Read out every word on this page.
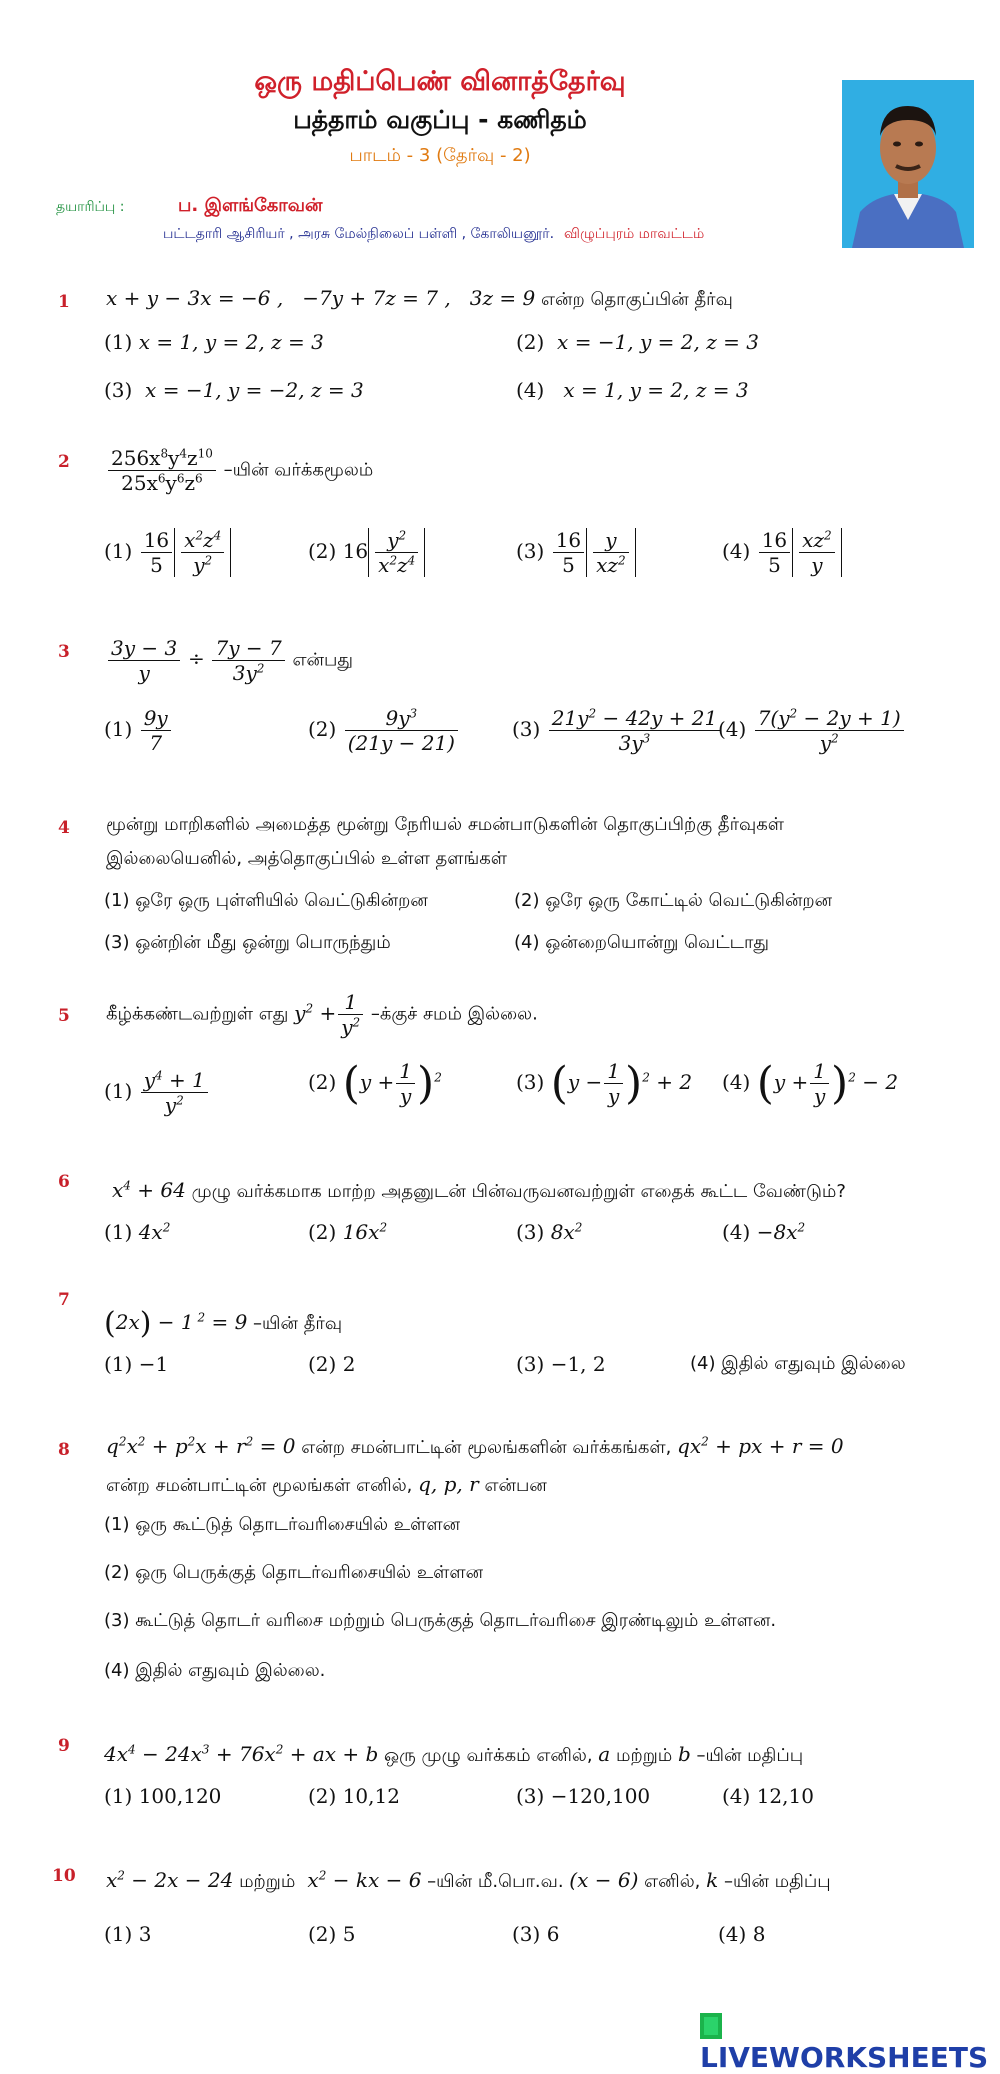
ஒரு மதிப்பெண் வினாத்தேர்வு
பத்தாம் வகுப்பு - கணிதம்
பாடம் - 3 (தேர்வு - 2)
தயாரிப்பு :	ப. இளங்கோவன்
பட்டதாரி ஆசிரியர் , அரசு மேல்நிலைப் பள்ளி , கோலியனூர். விழுப்புரம் மாவட்டம்
1 x + y − 3x = −6 ,   −7y + 7z = 7 ,   3z = 9 என்ற தொகுப்பின் தீர்வு
(1) x = 1, y = 2, z = 3	(2)  x = −1, y = 2, z = 3
(3)  x = −1, y = −2, z = 3	(4)   x = 1, y = 2, z = 3
$2 \frac{256x^8y^4z^{10}}{25x^6y^6z^6}$ –யின் வர்க்கமூலம்
$(1) \frac{16}{5} \frac{x^2z^4}{y^2}$	(2) $16 \frac{y^2}{x^2z^4}$	$(3) \frac{16}{5} \frac{y}{xz^2}$	$(4) \frac{16}{5} \frac{xz^2}{y}$
$3 \frac{3y - 3}{y} \div \frac{7y - 7}{3y^2}$ என்பது
$(1) \frac{9y}{7}$	$(2) \frac{9y^3}{(21y - 21)}$	$(3) \frac{21y^2 - 42y + 21}{3y^3}$
$(4) \frac{7(y^2 - 2y + 1)}{y^2}$
4 மூன்று மாறிகளில் அமைத்த மூன்று நேரியல் சமன்பாடுகளின் தொகுப்பிற்கு தீர்வுகள்
இல்லையெனில், அத்தொகுப்பில் உள்ள தளங்கள்
(1) ஒரே ஒரு புள்ளியில் வெட்டுகின்றன	(2) ஒரே ஒரு கோட்டில் வெட்டுகின்றன
(3) ஒன்றின் மீது ஒன்று பொருந்தும்	(4) ஒன்றையொன்று வெட்டாது
5 கீழ்க்கண்டவற்றுள் எது $y^2 + \frac{1}{y^2}$ –க்குச் சமம் இல்லை.
$(1) \frac{y^4 + 1}{y^2}$	(2) $(y + \frac{1}{y} )^2$	(3) $(y - \frac{1}{y} )^2 + 2$ (4) $(y + \frac{1}{y} )^2 - 2$
6 $x^4 + 64$ முழு வர்க்கமாக மாற்ற அதனுடன் பின்வருவனவற்றுள் எதைக் கூட்ட வேண்டும்?
(1) $4x^2$	(2) $16x^2$	(3) $8x^2$	$(4) -8x^2$
7
(2x) − 1 $^2$ = 9 –யின் தீர்வு
(1) −1	(2) 2	(3) −1, 2	(4) இதில் எதுவும் இல்லை
8 $q^2x^2 + p^2x + r^2 = 0$ என்ற சமன்பாட்டின் மூலங்களின் வர்க்கங்கள், $qx^2$ + px + r = 0
என்ற சமன்பாட்டின் மூலங்கள் எனில், q, p, r என்பன
(1) ஒரு கூட்டுத் தொடர்வரிசையில் உள்ளன
(2) ஒரு பெருக்குத் தொடர்வரிசையில் உள்ளன
(3) கூட்டுத் தொடர் வரிசை மற்றும் பெருக்குத் தொடர்வரிசை இரண்டிலும் உள்ளன.
(4) இதில் எதுவும் இல்லை.
9 $4x^4 - 24x^3 + 76x^2$ + ax + b ஒரு முழு வர்க்கம் எனில், a மற்றும் b –யின் மதிப்பு
(1) 100,120	(2) 10,12	(3) −120,100	(4) 12,10
10 $x^2 - 2x - 24$ மற்றும்  $x^2$ − kx − 6 –யின் மீ.பொ.வ. (x − 6) எனில், k –யின் மதிப்பு
(1) 3	(2) 5	(3) 6	(4) 8
LIVEWORKSHEETS
